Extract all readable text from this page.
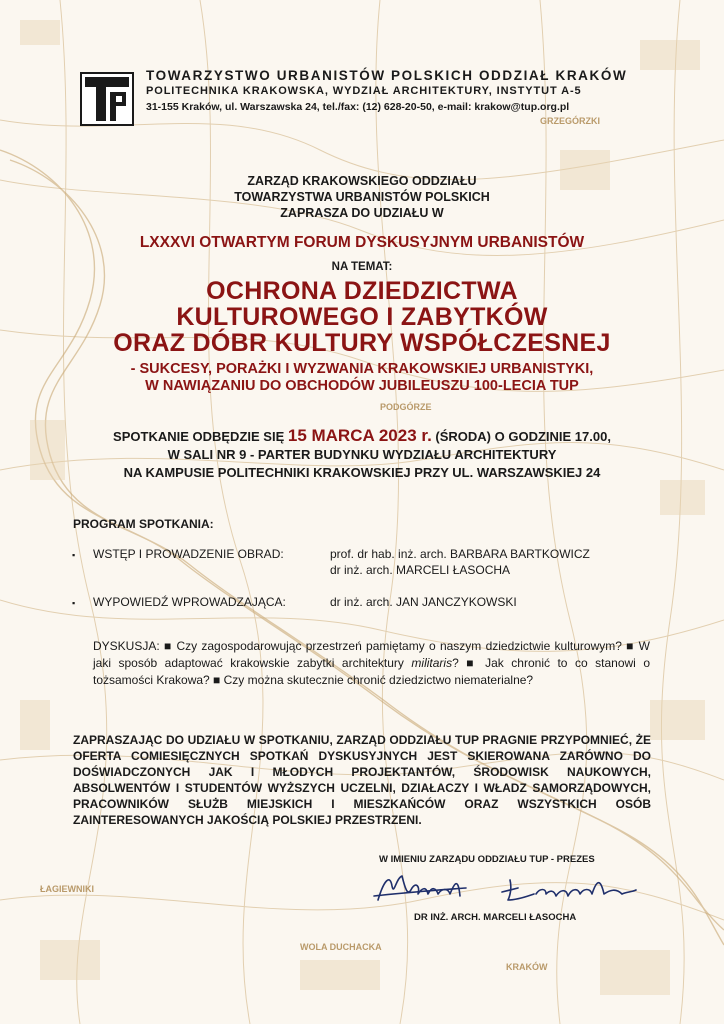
GRZEGÓRZKI
PODGÓRZE
KRAKÓW
ŁAGIEWNIKI
WOLA DUCHACKA
TOWARZYSTWO URBANISTÓW POLSKICH ODDZIAŁ KRAKÓW
POLITECHNIKA KRAKOWSKA, WYDZIAŁ ARCHITEKTURY, INSTYTUT A-5
31-155 Kraków, ul. Warszawska 24, tel./fax: (12) 628-20-50, e-mail: krakow@tup.org.pl
ZARZĄD KRAKOWSKIEGO ODDZIAŁU
TOWARZYSTWA URBANISTÓW POLSKICH
ZAPRASZA DO UDZIAŁU W
LXXXVI OTWARTYM FORUM DYSKUSYJNYM URBANISTÓW
NA TEMAT:
OCHRONA DZIEDZICTWA
KULTUROWEGO I ZABYTKÓW
ORAZ DÓBR KULTURY WSPÓŁCZESNEJ
- SUKCESY, PORAŻKI I WYZWANIA KRAKOWSKIEJ URBANISTYKI,
W NAWIĄZANIU DO OBCHODÓW JUBILEUSZU 100-LECIA TUP
SPOTKANIE ODBĘDZIE SIĘ 15 MARCA 2023 r. (ŚRODA) O GODZINIE 17.00,
W SALI NR 9 - PARTER BUDYNKU WYDZIAŁU ARCHITEKTURY
NA KAMPUSIE POLITECHNIKI KRAKOWSKIEJ PRZY UL. WARSZAWSKIEJ 24
PROGRAM SPOTKANIA:
▪ WSTĘP I PROWADZENIE OBRAD:	prof. dr hab. inż. arch. BARBARA BARTKOWICZ
dr inż. arch. MARCELI ŁASOCHA
▪ WYPOWIEDŹ WPROWADZAJĄCA:	dr inż. arch. JAN JANCZYKOWSKI
DYSKUSJA: ■ Czy zagospodarowując przestrzeń pamiętamy o naszym dziedzictwie kulturowym? ■ W jaki sposób adaptować krakowskie zabytki architektury militaris? ■ Jak chronić to co stanowi o tożsamości Krakowa? ■ Czy można skutecznie chronić dziedzictwo niematerialne?
ZAPRASZAJĄC DO UDZIAŁU W SPOTKANIU, ZARZĄD ODDZIAŁU TUP PRAGNIE PRZYPOMNIEĆ, ŻE OFERTA COMIESIĘCZNYCH SPOTKAŃ DYSKUSYJNYCH JEST SKIEROWANA ZARÓWNO DO DOŚWIADCZONYCH JAK I MŁODYCH PROJEKTANTÓW, ŚRODOWISK NAUKOWYCH, ABSOLWENTÓW I STUDENTÓW WYŻSZYCH UCZELNI, DZIAŁACZY I WŁADZ SAMORZĄDOWYCH, PRACOWNIKÓW SŁUŻB MIEJSKICH I MIESZKAŃCÓW ORAZ WSZYSTKICH OSÓB ZAINTERESOWANYCH JAKOŚCIĄ POLSKIEJ PRZESTRZENI.
W IMIENIU ZARZĄDU ODDZIAŁU TUP - PREZES
DR INŻ. ARCH. MARCELI ŁASOCHA
